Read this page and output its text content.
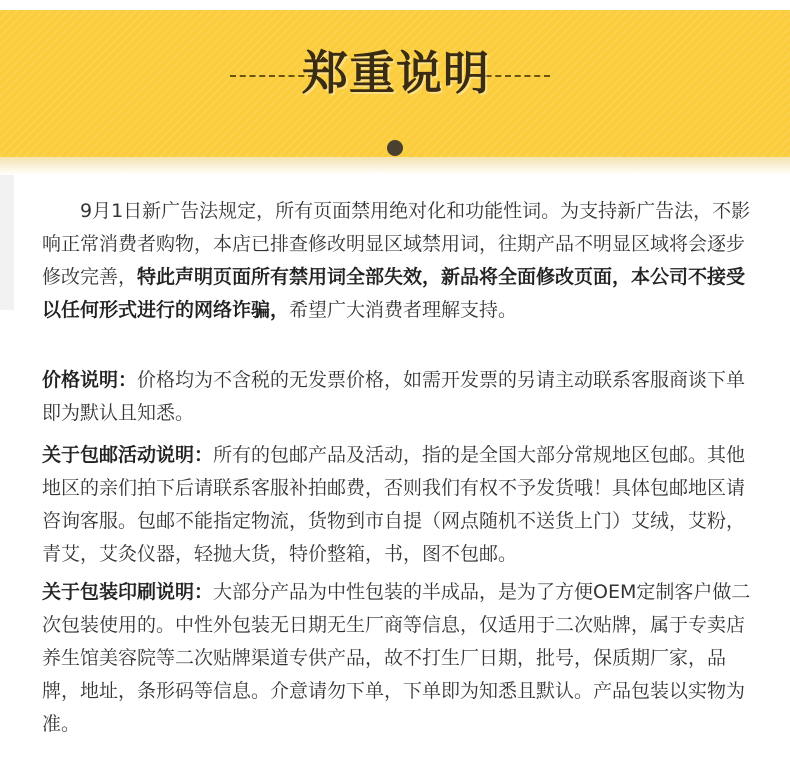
郑重说明

9月1日新广告法规定，所有页面禁用绝对化和功能性词。为支持新广告法，不影响正常消费者购物，本店已排查修改明显区域禁用词，往期产品不明显区域将会逐步修改完善，特此声明页面所有禁用词全部失效，新品将全面修改页面，本公司不接受以任何形式进行的网络诈骗，希望广大消费者理解支持。

价格说明：价格均为不含税的无发票价格，如需开发票的另请主动联系客服商谈下单即为默认且知悉。

关于包邮活动说明：所有的包邮产品及活动，指的是全国大部分常规地区包邮。其他地区的亲们拍下后请联系客服补拍邮费，否则我们有权不予发货哦！具体包邮地区请咨询客服。包邮不能指定物流，货物到市自提（网点随机不送货上门）艾绒，艾粉，青艾，艾灸仪器，轻抛大货，特价整箱，书，图不包邮。

关于包装印刷说明：大部分产品为中性包装的半成品，是为了方便OEM定制客户做二次包装使用的。中性外包装无日期无生厂商等信息，仅适用于二次贴牌，属于专卖店养生馆美容院等二次贴牌渠道专供产品，故不打生厂日期，批号，保质期厂家，品牌，地址，条形码等信息。介意请勿下单，下单即为知悉且默认。产品包装以实物为准。
